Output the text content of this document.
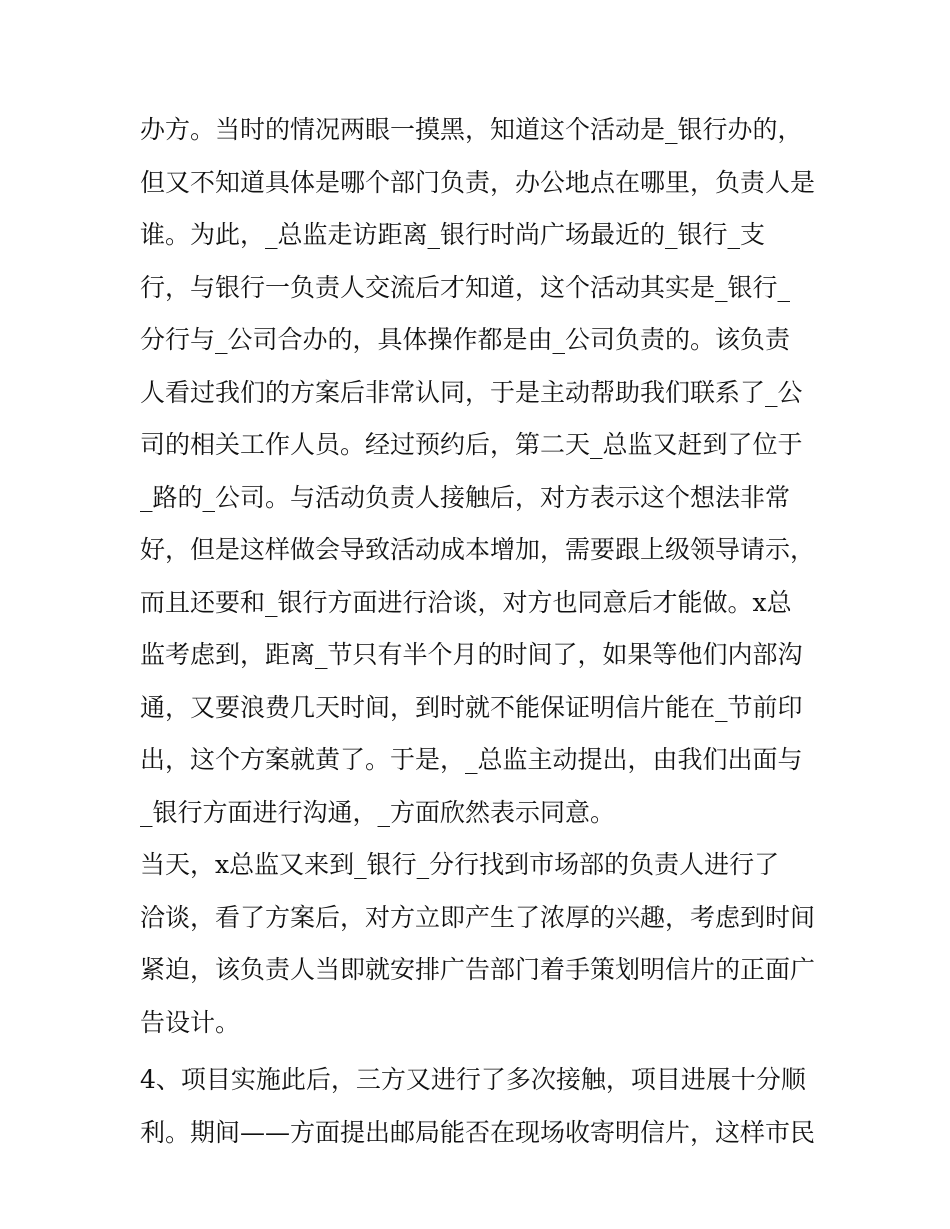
办方。当时的情况两眼一摸黑，知道这个活动是_银行办的，
但又不知道具体是哪个部门负责，办公地点在哪里，负责人是
谁。为此，_总监走访距离_银行时尚广场最近的_银行_支
行，与银行一负责人交流后才知道，这个活动其实是_银行_
分行与_公司合办的，具体操作都是由_公司负责的。该负责
人看过我们的方案后非常认同，于是主动帮助我们联系了_公
司的相关工作人员。经过预约后，第二天_总监又赶到了位于
_路的_公司。与活动负责人接触后，对方表示这个想法非常
好，但是这样做会导致活动成本增加，需要跟上级领导请示，
而且还要和_银行方面进行洽谈，对方也同意后才能做。x总
监考虑到，距离_节只有半个月的时间了，如果等他们内部沟
通，又要浪费几天时间，到时就不能保证明信片能在_节前印
出，这个方案就黄了。于是，_总监主动提出，由我们出面与
_银行方面进行沟通，_方面欣然表示同意。
当天，x总监又来到_银行_分行找到市场部的负责人进行了
洽谈，看了方案后，对方立即产生了浓厚的兴趣，考虑到时间
紧迫，该负责人当即就安排广告部门着手策划明信片的正面广
告设计。
4、项目实施此后，三方又进行了多次接触，项目进展十分顺
利。期间——方面提出邮局能否在现场收寄明信片，这样市民
